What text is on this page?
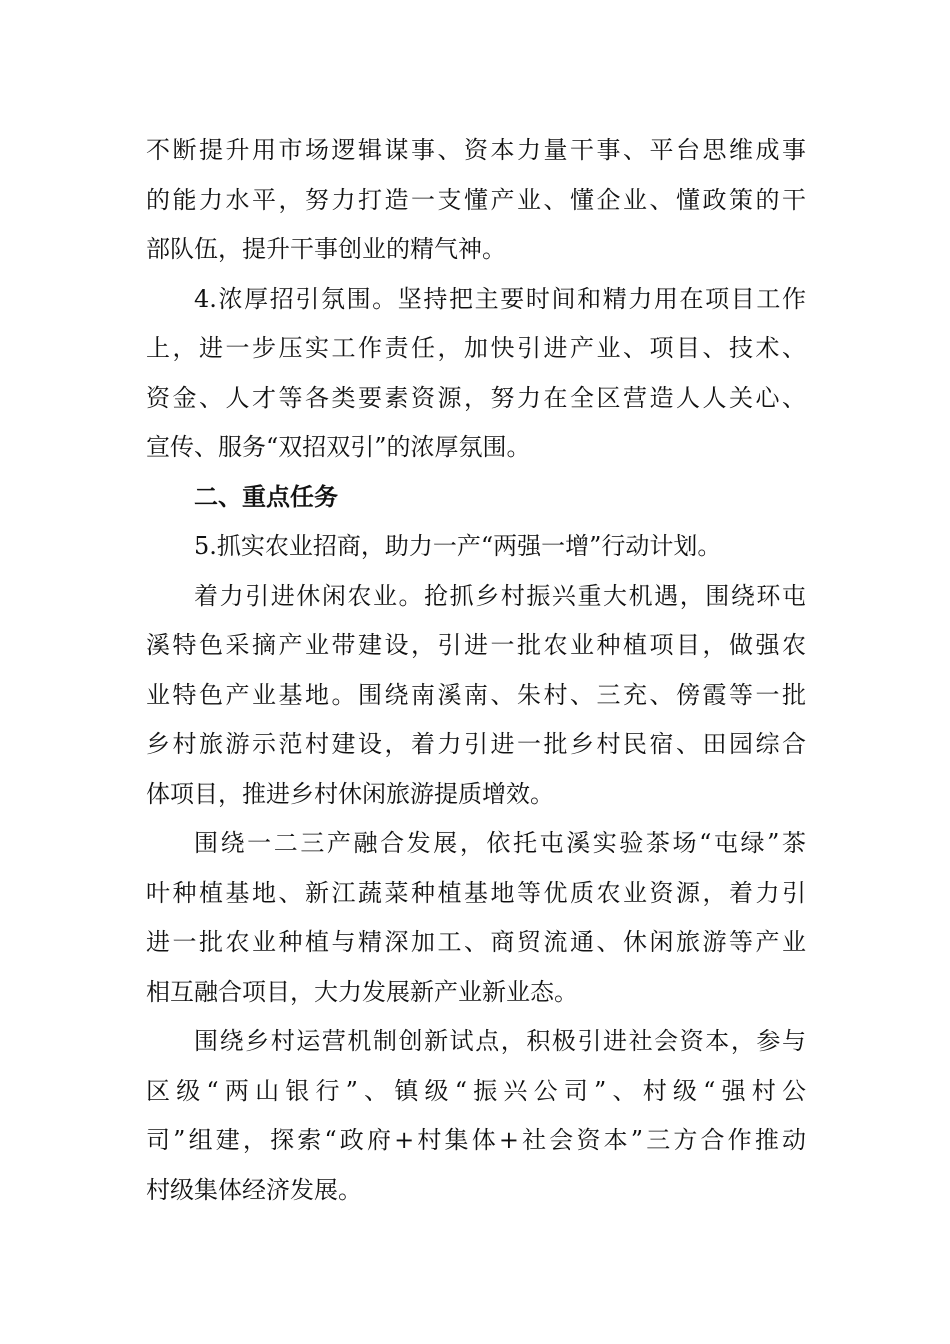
不断提升用市场逻辑谋事、资本力量干事、平台思维成事

的能力水平，努力打造一支懂产业、懂企业、懂政策的干

部队伍，提升干事创业的精气神。

4.浓厚招引氛围。坚持把主要时间和精力用在项目工作

上，进一步压实工作责任，加快引进产业、项目、技术、

资金、人才等各类要素资源，努力在全区营造人人关心、

宣传、服务“双招双引”的浓厚氛围。

二、重点任务

5.抓实农业招商，助力一产“两强一增”行动计划。

着力引进休闲农业。抢抓乡村振兴重大机遇，围绕环屯

溪特色采摘产业带建设，引进一批农业种植项目，做强农

业特色产业基地。围绕南溪南、朱村、三充、傍霞等一批

乡村旅游示范村建设，着力引进一批乡村民宿、田园综合

体项目，推进乡村休闲旅游提质增效。

围绕一二三产融合发展，依托屯溪实验茶场“屯绿”茶

叶种植基地、新江蔬菜种植基地等优质农业资源，着力引

进一批农业种植与精深加工、商贸流通、休闲旅游等产业

相互融合项目，大力发展新产业新业态。

围绕乡村运营机制创新试点，积极引进社会资本，参与

区级“两山银行”、镇级“振兴公司”、村级“强村公

司”组建，探索“政府+村集体+社会资本”三方合作推动

村级集体经济发展。
